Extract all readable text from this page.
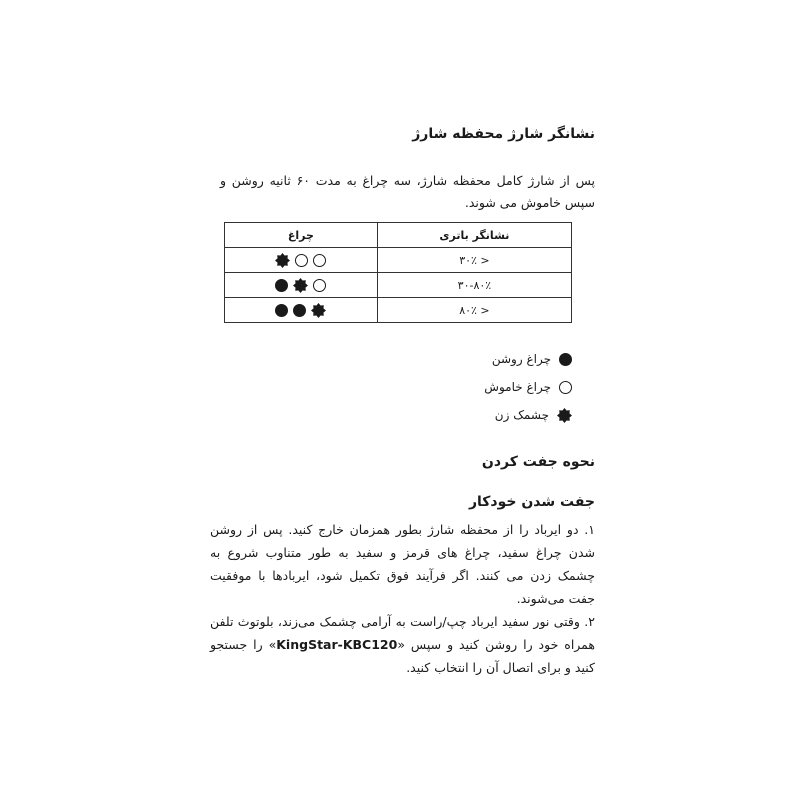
نشانگر شارژ محفظه شارژ
پس از شارژ کامل محفظه شارژ، سه چراغ به مدت ۶۰ ثانیه روشن و سپس خاموش می شوند.
نشانگر باتری	چراغ
< ۳۰٪	

۳۰-۸۰٪	

< ۸۰٪	
چراغ روشن
چراغ خاموش
چشمک زن
نحوه جفت کردن
جفت شدن خودکار

۱. دو ایرباد را از محفظه شارژ بطور همزمان خارج کنید. پس از روشن شدن چراغ سفید، چراغ های قرمز و سفید به طور متناوب شروع به چشمک زدن می کنند. اگر فرآیند فوق تکمیل شود، ایربادها با موفقیت جفت می‌شوند.

۲. وقتی نور سفید ایرباد چپ/راست به آرامی چشمک می‌زند، بلوتوث تلفن همراه خود را روشن کنید و سپس «KingStar-KBC120» را جستجو کنید و برای اتصال آن را انتخاب کنید.
